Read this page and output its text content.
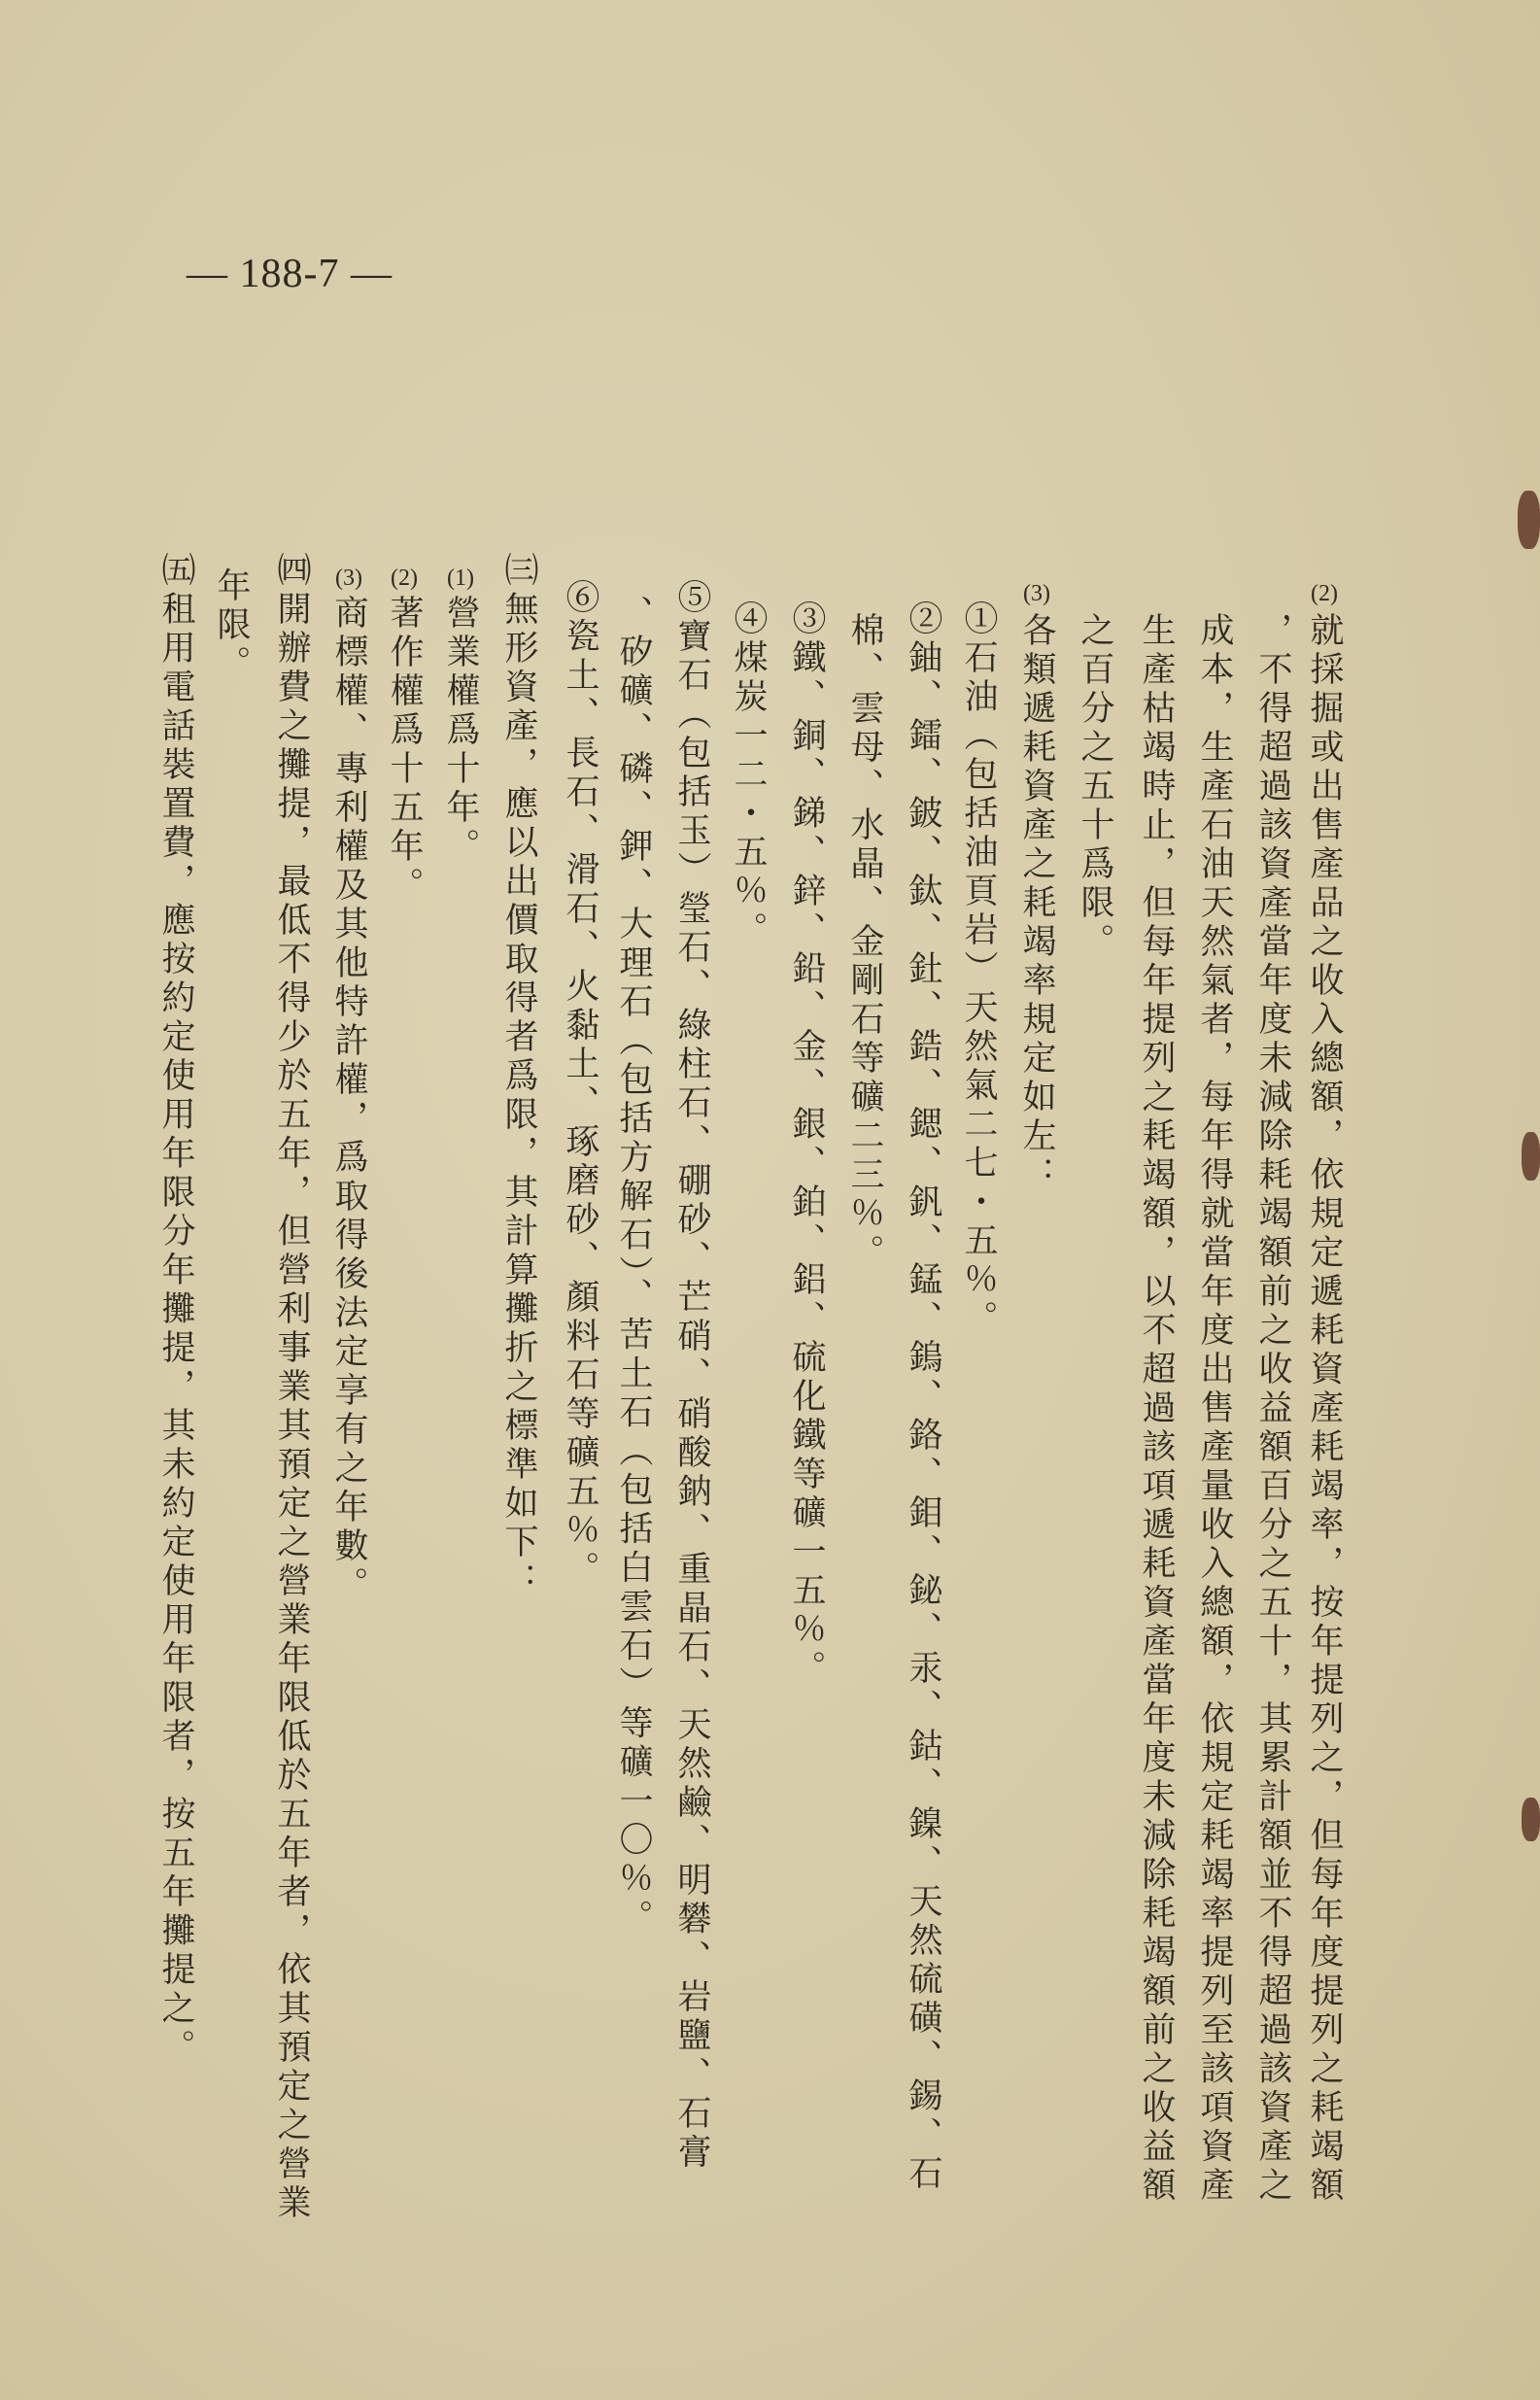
— 188-7 —
(2)
就採掘或出售產品之收入總額，依規定遞耗資產耗竭率，按年提列之，但每年度提列之耗竭額
，不得超過該資產當年度未減除耗竭額前之收益額百分之五十，其累計額並不得超過該資產之
成本，生產石油天然氣者，每年得就當年度出售產量收入總額，依規定耗竭率提列至該項資產
生產枯竭時止，但每年提列之耗竭額，以不超過該項遞耗資產當年度未減除耗竭額前之收益額
之百分之五十爲限。
(3)
各類遞耗資產之耗竭率規定如左：
①石油（包括油頁岩）天然氣二七・五％。
②鈾、鐳、鈹、鈦、釷、鋯、鍶、釩、錳、鎢、鉻、鉬、鉍、汞、鈷、鎳、天然硫磺、錫、石
棉、雲母、水晶、金剛石等礦二三％。
③鐵、銅、銻、鋅、鉛、金、銀、鉑、鋁、硫化鐵等礦一五％。
④煤炭一二・五％。
⑤寶石（包括玉）瑩石、綠柱石、硼砂、芒硝、硝酸鈉、重晶石、天然鹼、明礬、岩鹽、石膏
、矽礦、磷、鉀、大理石（包括方解石）、苦土石（包括白雲石）等礦一〇％。
⑥瓷土、長石、滑石、火黏土、琢磨砂、顏料石等礦五％。
㈢無形資產，應以出價取得者爲限，其計算攤折之標準如下：
(1)
營業權爲十年。
(2)
著作權爲十五年。
(3)
商標權、專利權及其他特許權，爲取得後法定享有之年數。
㈣開辦費之攤提，最低不得少於五年，但營利事業其預定之營業年限低於五年者，依其預定之營業
年限。
㈤租用電話裝置費，應按約定使用年限分年攤提，其未約定使用年限者，按五年攤提之。
